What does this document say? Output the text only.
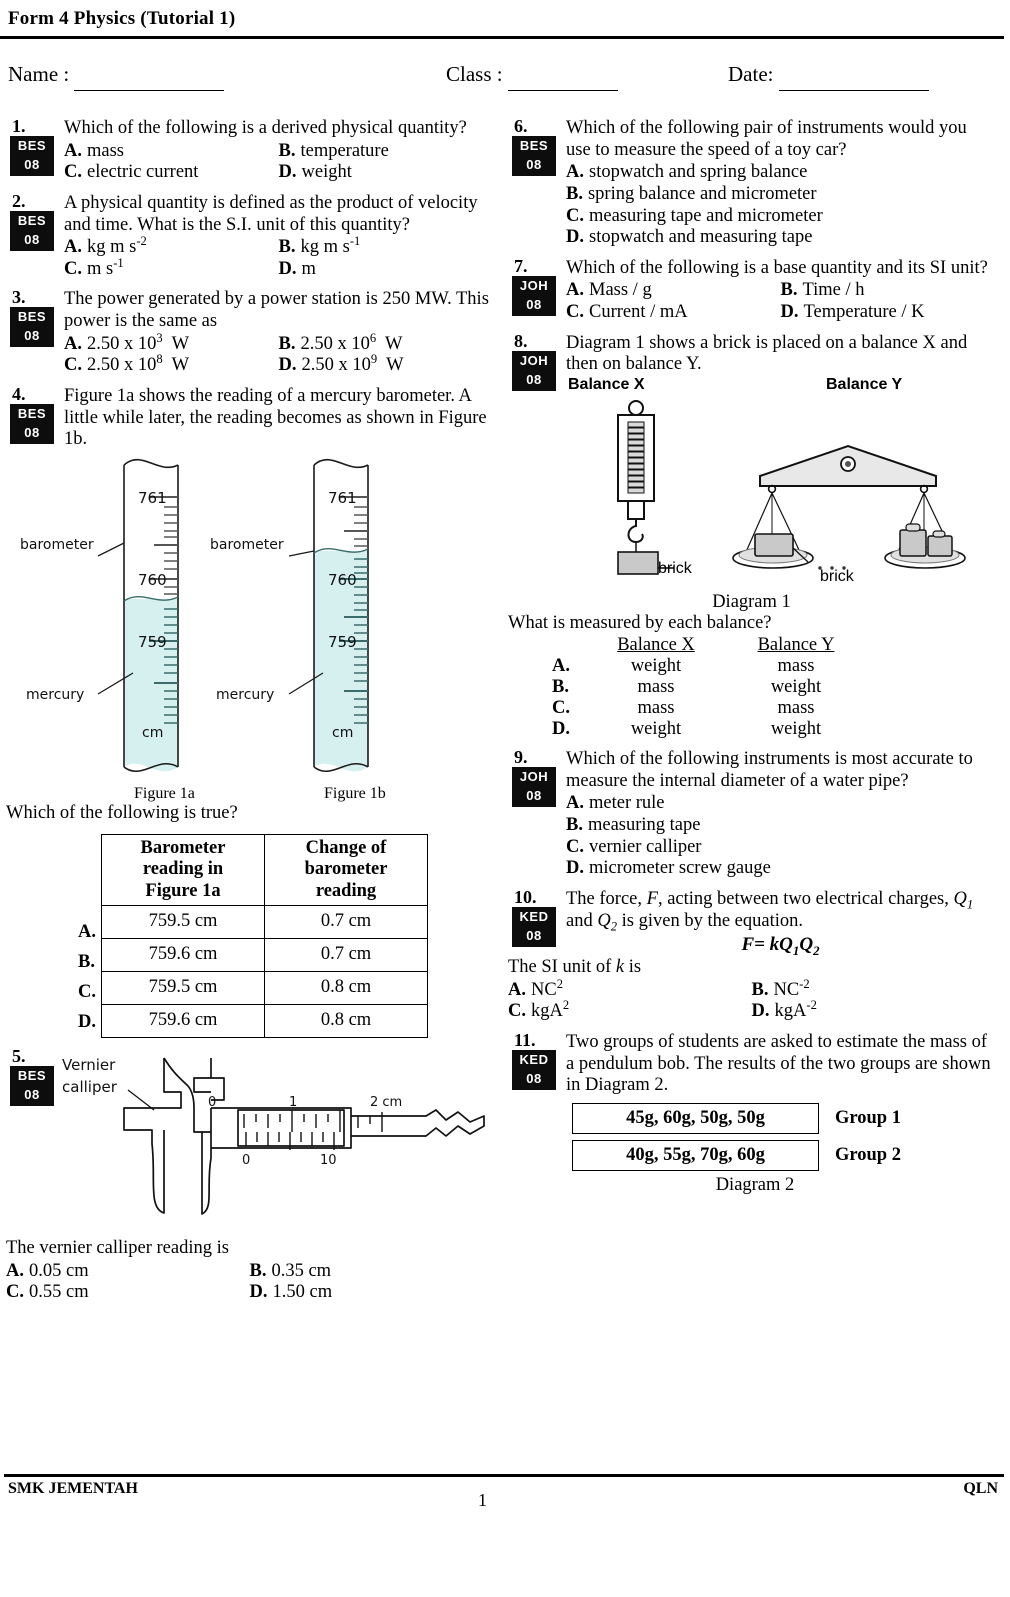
Form 4 Physics (Tutorial 1)
Name :	Class :	Date:
1.
BES
08
Which of the following is a derived physical quantity?
A. mass	B. temperature
C. electric current	D. weight
2.
BES
08
A physical quantity is defined as the product of velocity and time. What is the S.I. unit of this quantity?
A. kg m $s^{-2}$	B. kg m $s^{-1}$
C. m $s^{-1}$	D. m
3.
BES
08
The power generated by a power station is 250 MW. This power is the same as
A. 2.50 x $10^3$  W	B. 2.50 x $10^6$  W
C. 2.50 x $10^8$  W	D. 2.50 x $10^9$  W
4.
BES
08
Figure 1a shows the reading of a mercury barometer. A little while later, the reading becomes as shown in Figure 1b.
761
760
759
cm
barometer
mercury
761
760
759
cm
barometer
mercury
Figure 1a	Figure 1b
Which of the following is true?
A.
B.
C.
D.
Barometer
reading in
Figure 1a

Change of
barometer
reading

759.5 cm	0.7 cm
759.6 cm	0.7 cm
759.5 cm	0.8 cm
759.6 cm	0.8 cm
5.
BES
08
Vernier
calliper
0	1	2 cm
0	10
The vernier calliper reading is
A. 0.05 cm	B. 0.35 cm
C. 0.55 cm	D. 1.50 cm
6.
BES
08
Which of the following pair of instruments would you use to measure the speed of a toy car?
A. stopwatch and spring balance
B. spring balance and micrometer
C. measuring tape and micrometer
D. stopwatch and measuring tape
7.
JOH
08
Which of the following is a base quantity and its SI unit?
A. Mass / g	B. Time / h
C. Current / mA	D. Temperature / K
8.
JOH
08
Diagram 1 shows a brick is placed on a balance X and then on balance Y.
Balance X	Balance Y
brick	brick
Diagram 1
What is measured by each balance?
Balance X	Balance Y
A.	weight	mass
B.	mass	weight
C.	mass	mass
D.	weight	weight
9.
JOH
08
Which of the following instruments is most accurate to measure the internal diameter of a water pipe?
A. meter rule
B. measuring tape
C. vernier calliper
D. micrometer screw gauge
10.
KED
08
The force, F, acting between two electrical charges, $Q_1$ and $Q_2$ is given by the equation.
$F= kQ_1Q_2$
The SI unit of k is
A. $NC^2$	B. $NC^{-2}$
C. kgA$^2$	D. kgA$^{-2}$
11.
KED
08
Two groups of students are asked to estimate the mass of a pendulum bob. The results of the two groups are shown in Diagram 2.
45g, 60g, 50g, 50g	Group 1
40g, 55g, 70g, 60g	Group 2
Diagram 2
SMK JEMENTAH
1
QLN
